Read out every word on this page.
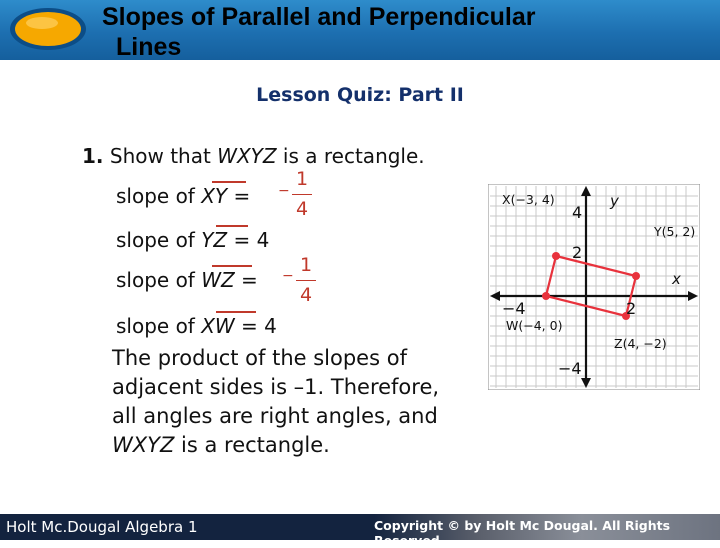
Slopes of Parallel and Perpendicular
Lines
Lesson Quiz: Part II
1. Show that WXYZ is a rectangle.
slope of XY = −
1
4
slope of YZ = 4
slope of WZ = − 1
4
slope of XW = 4
The product of the slopes of
adjacent sides is –1. Therefore,
all angles are right angles, and
WXYZ is a rectangle.
y
x
4
2
−4
−4	2
X(−3, 4)
Y(5, 2)
W(−4, 0)
Z(4, −2)
Holt Mc.Dougal Algebra 1	Copyright © by Holt Mc Dougal. All Rights Reserved.
